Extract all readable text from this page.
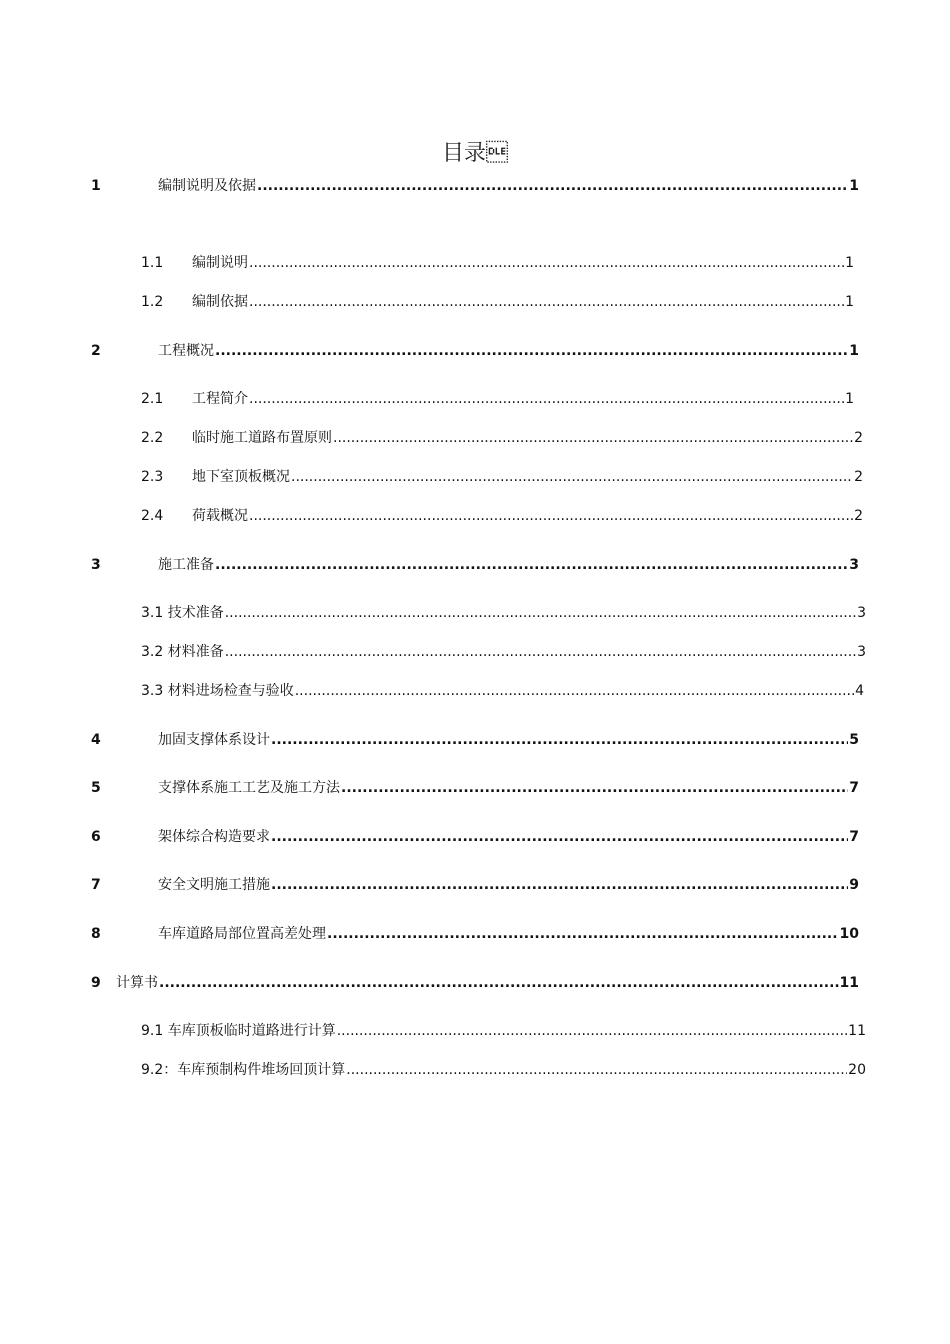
目录
1	编制说明及依据 .....	1
1.1	编制说明 .....	1
1.2	编制依据 .....	1
2	工程概况 .....	1
2.1	工程简介 .....	1
2.2	临时施工道路布置原则 .....	2
2.3	地下室顶板概况 .....	2
2.4	荷载概况 .....	2
3	施工准备 .....	3
3.1 技术准备 .....	3
3.2 材料准备 .....	3
3.3 材料进场检查与验收 .....	4
4	加固支撑体系设计 .....	5
5	支撑体系施工工艺及施工方法 .....	7
6	架体综合构造要求 .....	7
7	安全文明施工措施 .....	9
8	车库道路局部位置高差处理 .....	10
9	计算书 .....	11
9.1 车库顶板临时道路进行计算 .....	11
9.2：车库预制构件堆场回顶计算 .....	20
